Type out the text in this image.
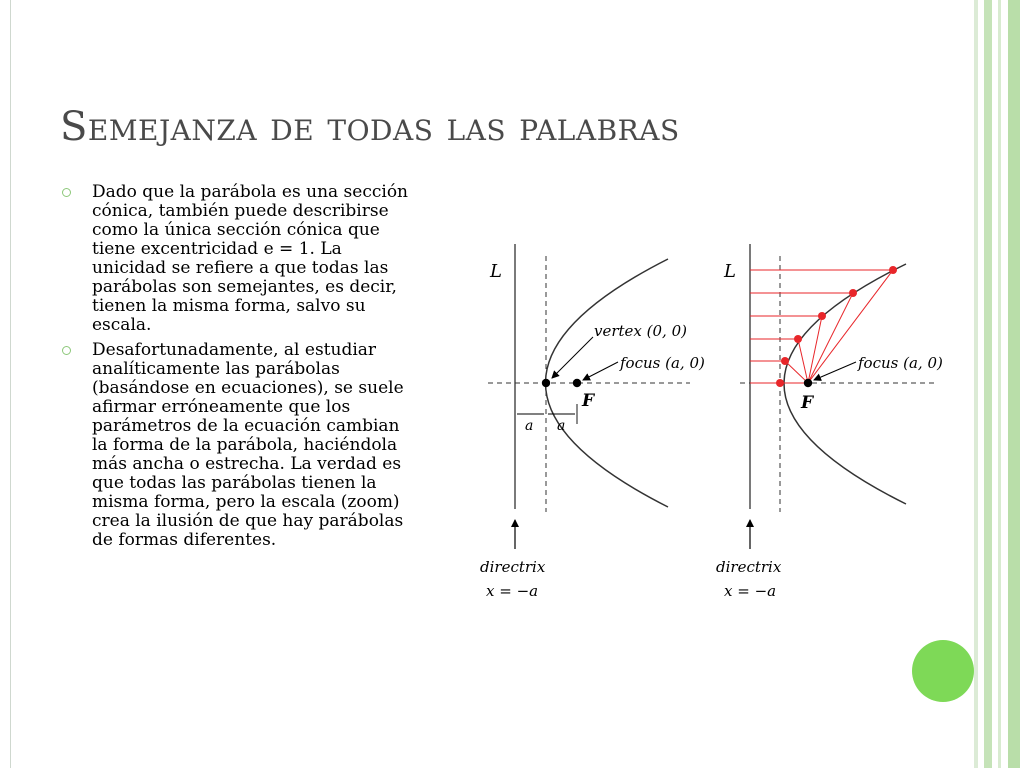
Semejanza de todas las palabras
Dado que la parábola es una sección
cónica, también puede describirse
como la única sección cónica que
tiene excentricidad e = 1. La
unicidad se refiere a que todas las
parábolas son semejantes, es decir,
tienen la misma forma, salvo su
escala.
Desafortunadamente, al estudiar
analíticamente las parábolas
(basándose en ecuaciones), se suele
afirmar erróneamente que los
parámetros de la ecuación cambian
la forma de la parábola, haciéndola
más ancha o estrecha. La verdad es
que todas las parábolas tienen la
misma forma, pero la escala (zoom)
crea la ilusión de que hay parábolas
de formas diferentes.
L
vertex (0, 0)
focus (a, 0)
F
a a
directrix
x = −a
L
focus (a, 0)
F
directrix
x = −a
